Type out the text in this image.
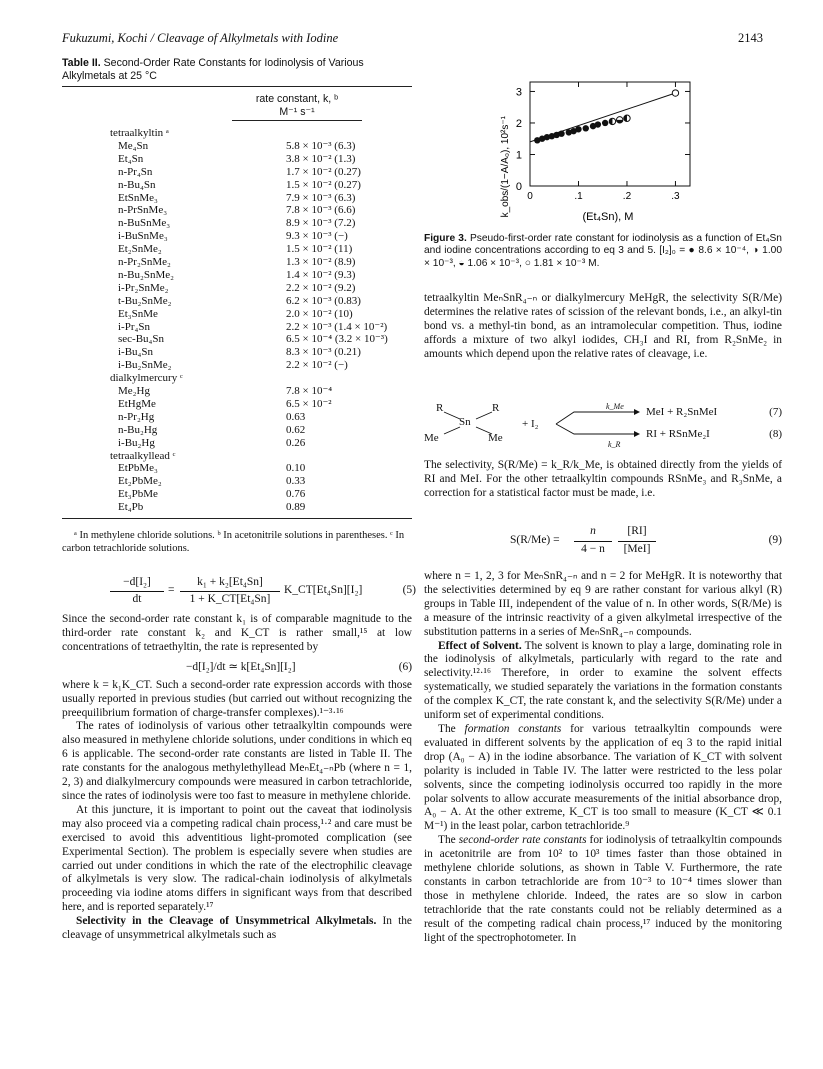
Fukuzumi, Kochi / Cleavage of Alkylmetals with Iodine	2143
Table II. Second-Order Rate Constants for Iodinolysis of Various Alkylmetals at 25 °C
rate constant, k, ᵇ
M⁻¹ s⁻¹
tetraalkyltin ᵃ
Me₄Sn	5.8 × 10⁻³ (6.3)
Et₄Sn	3.8 × 10⁻² (1.3)
n-Pr₄Sn	1.7 × 10⁻² (0.27)
n-Bu₄Sn	1.5 × 10⁻² (0.27)
EtSnMe₃	7.9 × 10⁻³ (6.3)
n-PrSnMe₃	7.8 × 10⁻³ (6.6)
n-BuSnMe₃	8.9 × 10⁻³ (7.2)
i-BuSnMe₃	9.3 × 10⁻³ (−)
Et₂SnMe₂	1.5 × 10⁻² (11)
n-Pr₂SnMe₂	1.3 × 10⁻² (8.9)
n-Bu₂SnMe₂	1.4 × 10⁻² (9.3)
i-Pr₂SnMe₂	2.2 × 10⁻² (9.2)
t-Bu₂SnMe₂	6.2 × 10⁻³ (0.83)
Et₃SnMe	2.0 × 10⁻² (10)
i-Pr₄Sn	2.2 × 10⁻³ (1.4 × 10⁻²)
sec-Bu₄Sn	6.5 × 10⁻⁴ (3.2 × 10⁻³)
i-Bu₄Sn	8.3 × 10⁻³ (0.21)
i-Bu₂SnMe₂	2.2 × 10⁻² (−)
dialkylmercury ᶜ
Me₂Hg	7.8 × 10⁻⁴
EtHgMe	6.5 × 10⁻²
n-Pr₂Hg	0.63
n-Bu₂Hg	0.62
i-Bu₂Hg	0.26
tetraalkyllead ᶜ
EtPbMe₃	0.10
Et₂PbMe₂	0.33
Et₃PbMe	0.76
Et₄Pb	0.89
ᵃ In methylene chloride solutions. ᵇ In acetonitrile solutions in parentheses. ᶜ In carbon tetrachloride solutions.
−d[I₂]
dt
=
k₁ + k₂[Et₄Sn]
1 + K_CT[Et₄Sn]
K_CT[Et₄Sn][I₂]	(5)

Since the second-order rate constant k₁ is of comparable magnitude to the third-order rate constant k₂ and K_CT is rather small,¹⁵ at low concentrations of tetraethyltin, the rate is represented by

−d[I₂]/dt ≃ k[Et₄Sn][I₂]	(6)

where k = k₁K_CT. Such a second-order rate expression accords with those usually reported in previous studies (but carried out without recognizing the preequilibrium formation of charge-transfer complexes).¹⁻³·¹⁶

The rates of iodinolysis of various other tetraalkyltin compounds were also measured in methylene chloride solutions, under conditions in which eq 6 is applicable. The second-order rate constants are listed in Table II. The rate constants for the analogous methylethyllead MeₙEt₄₋ₙPb (where n = 1, 2, 3) and dialkylmercury compounds were measured in carbon tetrachloride, since the rates of iodinolysis were too fast to measure in methylene chloride.

At this juncture, it is important to point out the caveat that iodinolysis may also proceed via a competing radical chain process,¹·² and care must be exercised to avoid this adventitious light-promoted complication (see Experimental Section). The problem is especially severe when studies are carried out under conditions in which the rate of the electrophilic cleavage of alkylmetals is very slow. The radical-chain iodinolysis of alkylmetals proceeding via iodine atoms differs in significant ways from that described here, and is reported separately.¹⁷

Selectivity in the Cleavage of Unsymmetrical Alkylmetals. In the cleavage of unsymmetrical alkylmetals such as

k_obs/(1−A/A₀), 10²s⁻¹	(Et₄Sn), M
0
1
2
3
0	.1	.2	.3
Figure 3. Pseudo-first-order rate constant for iodinolysis as a function of Et₄Sn and iodine concentrations according to eq 3 and 5. [I₂]₀ = ● 8.6 × 10⁻⁴, ◑ 1.00 × 10⁻³, ◒ 1.06 × 10⁻³, ○ 1.81 × 10⁻³ M.
tetraalkyltin MeₙSnR₄₋ₙ or dialkylmercury MeHgR, the selectivity S(R/Me) determines the relative rates of scission of the relevant bonds, i.e., an alkyl-tin bond vs. a methyl-tin bond, as an intramolecular competition. Thus, iodine affords a mixture of two alkyl iodides, CH₃I and RI, from R₂SnMe₂ in amounts which depend upon the relative rates of cleavage, i.e.
R	R
Sn
Me	Me
+ I₂
k_Me
k_R
MeI + R₂SnMeI	(7)
RI + RSnMe₂I	(8)
The selectivity, S(R/Me) = k_R/k_Me, is obtained directly from the yields of RI and MeI. For the other tetraalkyltin compounds RSnMe₃ and R₃SnMe, a correction for a statistical factor must be made, i.e.
S(R/Me) =
n
4 − n
[RI]
[MeI]
(9)

where n = 1, 2, 3 for MeₙSnR₄₋ₙ and n = 2 for MeHgR. It is noteworthy that the selectivities determined by eq 9 are rather constant for various alkyl (R) groups in Table III, independent of the value of n. In other words, S(R/Me) is a measure of the intrinsic reactivity of a given alkylmetal irrespective of the substitution patterns in a series of MeₙSnR₄₋ₙ compounds.

Effect of Solvent. The solvent is known to play a large, dominating role in the iodinolysis of alkylmetals, particularly with regard to the rate and selectivity.¹²·¹⁶ Therefore, in order to examine the solvent effects systematically, we studied separately the variations in the formation constants of the complex K_CT, the rate constant k, and the selectivity S(R/Me) under a uniform set of experimental conditions.

The formation constants for various tetraalkyltin compounds were evaluated in different solvents by the application of eq 3 to the rapid initial drop (A₀ − A) in the iodine absorbance. The variation of K_CT with solvent polarity is included in Table IV. The latter were restricted to the less polar solvents, since the competing iodinolysis occurred too rapidly in the more polar solvents to allow accurate measurements of the initial absorbance drop, A₀ − A. At the other extreme, K_CT is too small to measure (K_CT ≪ 0.1 M⁻¹) in the least polar, carbon tetrachloride.⁹

The second-order rate constants for iodinolysis of tetraalkyltin compounds in acetonitrile are from 10² to 10³ times faster than those obtained in methylene chloride solutions, as shown in Table V. Furthermore, the rate constants in carbon tetrachloride are from 10⁻³ to 10⁻⁴ times slower than those in methylene chloride. Indeed, the rates are so slow in carbon tetrachloride that the rate constants could not be reliably determined as a result of the competing radical chain process,¹⁷ induced by the monitoring light of the spectrophotometer. In
